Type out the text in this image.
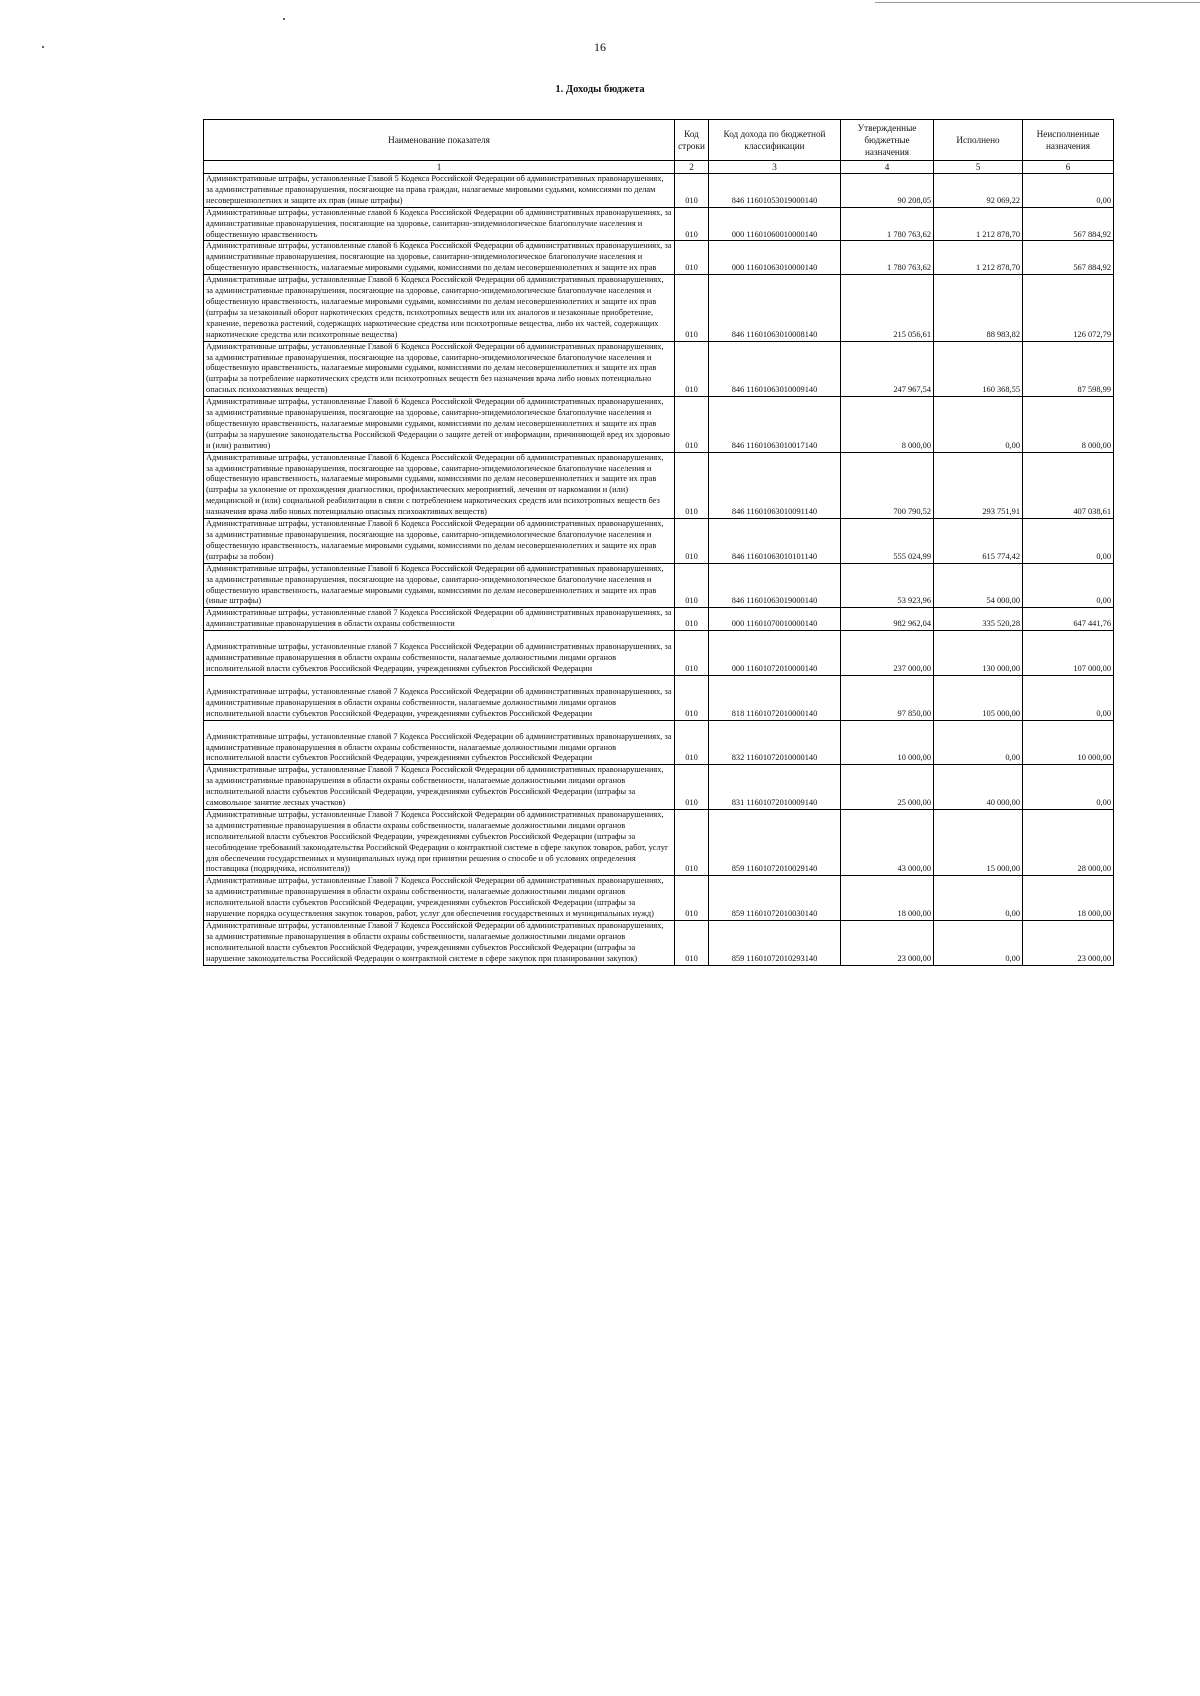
16
1. Доходы бюджета
Наименование показателя	Код строки	Код дохода по бюджетной классификации	Утвержденные бюджетные назначения	Исполнено	Неисполненные назначения
1	2	3	4	5	6
Административные штрафы, установленные Главой 5 Кодекса Российской Федерации об административных правонарушениях, за административные правонарушения, посягающие на права граждан, налагаемые мировыми судьями, комиссиями по делам несовершеннолетних и защите их прав (иные штрафы)	010	846 11601053019000140	90 208,05	92 069,22	0,00
Административные штрафы, установленные главой 6 Кодекса Российской Федерации об административных правонарушениях, за административные правонарушения, посягающие на здоровье, санитарно-эпидемиологическое благополучие населения и общественную нравственность	010	000 11601060010000140	1 780 763,62	1 212 878,70	567 884,92
Административные штрафы, установленные главой 6 Кодекса Российской Федерации об административных правонарушениях, за административные правонарушения, посягающие на здоровье, санитарно-эпидемиологическое благополучие населения и общественную нравственность, налагаемые мировыми судьями, комиссиями по делам несовершеннолетних и защите их прав	010	000 11601063010000140	1 780 763,62	1 212 878,70	567 884,92
Административные штрафы, установленные Главой 6 Кодекса Российской Федерации об административных правонарушениях, за административные правонарушения, посягающие на здоровье, санитарно-эпидемиологическое благополучие населения и общественную нравственность, налагаемые мировыми судьями, комиссиями по делам несовершеннолетних и защите их прав (штрафы за незаконный оборот наркотических средств, психотропных веществ или их аналогов и незаконные приобретение, хранение, перевозка растений, содержащих наркотические средства или психотропные вещества, либо их частей, содержащих наркотические средства или психотропные вещества)	010	846 11601063010008140	215 056,61	88 983,82	126 072,79
Административные штрафы, установленные Главой 6 Кодекса Российской Федерации об административных правонарушениях, за административные правонарушения, посягающие на здоровье, санитарно-эпидемиологическое благополучие населения и общественную нравственность, налагаемые мировыми судьями, комиссиями по делам несовершеннолетних и защите их прав (штрафы за потребление наркотических средств или психотропных веществ без назначения врача либо новых потенциально опасных психоактивных веществ)	010	846 11601063010009140	247 967,54	160 368,55	87 598,99
Административные штрафы, установленные Главой 6 Кодекса Российской Федерации об административных правонарушениях, за административные правонарушения, посягающие на здоровье, санитарно-эпидемиологическое благополучие населения и общественную нравственность, налагаемые мировыми судьями, комиссиями по делам несовершеннолетних и защите их прав (штрафы за нарушение законодательства Российской Федерации о защите детей от информации, причиняющей вред их здоровью и (или) развитию)	010	846 11601063010017140	8 000,00	0,00	8 000,00
Административные штрафы, установленные Главой 6 Кодекса Российской Федерации об административных правонарушениях, за административные правонарушения, посягающие на здоровье, санитарно-эпидемиологическое благополучие населения и общественную нравственность, налагаемые мировыми судьями, комиссиями по делам несовершеннолетних и защите их прав (штрафы за уклонение от прохождения диагностики, профилактических мероприятий, лечения от наркомании и (или) медицинской и (или) социальной реабилитации в связи с потреблением наркотических средств или психотропных веществ без назначения врача либо новых потенциально опасных психоактивных веществ)	010	846 11601063010091140	700 790,52	293 751,91	407 038,61
Административные штрафы, установленные Главой 6 Кодекса Российской Федерации об административных правонарушениях, за административные правонарушения, посягающие на здоровье, санитарно-эпидемиологическое благополучие населения и общественную нравственность, налагаемые мировыми судьями, комиссиями по делам несовершеннолетних и защите их прав (штрафы за побои)	010	846 11601063010101140	555 024,99	615 774,42	0,00
Административные штрафы, установленные Главой 6 Кодекса Российской Федерации об административных правонарушениях, за административные правонарушения, посягающие на здоровье, санитарно-эпидемиологическое благополучие населения и общественную нравственность, налагаемые мировыми судьями, комиссиями по делам несовершеннолетних и защите их прав (иные штрафы)	010	846 11601063019000140	53 923,96	54 000,00	0,00
Административные штрафы, установленные главой 7 Кодекса Российской Федерации об административных правонарушениях, за административные правонарушения в области охраны собственности	010	000 11601070010000140	982 962,04	335 520,28	647 441,76

Административные штрафы, установленные главой 7 Кодекса Российской Федерации об административных правонарушениях, за административные правонарушения в области охраны собственности, налагаемые должностными лицами органов исполнительной власти субъектов Российской Федерации, учреждениями субъектов Российской Федерации	010	000 11601072010000140	237 000,00	130 000,00	107 000,00

Административные штрафы, установленные главой 7 Кодекса Российской Федерации об административных правонарушениях, за административные правонарушения в области охраны собственности, налагаемые должностными лицами органов исполнительной власти субъектов Российской Федерации, учреждениями субъектов Российской Федерации	010	818 11601072010000140	97 850,00	105 000,00	0,00

Административные штрафы, установленные главой 7 Кодекса Российской Федерации об административных правонарушениях, за административные правонарушения в области охраны собственности, налагаемые должностными лицами органов исполнительной власти субъектов Российской Федерации, учреждениями субъектов Российской Федерации	010	832 11601072010000140	10 000,00	0,00	10 000,00
Административные штрафы, установленные Главой 7 Кодекса Российской Федерации об административных правонарушениях, за административные правонарушения в области охраны собственности, налагаемые должностными лицами органов исполнительной власти субъектов Российской Федерации, учреждениями субъектов Российской Федерации (штрафы за самовольное занятие лесных участков)	010	831 11601072010009140	25 000,00	40 000,00	0,00
Административные штрафы, установленные Главой 7 Кодекса Российской Федерации об административных правонарушениях, за административные правонарушения в области охраны собственности, налагаемые должностными лицами органов исполнительной власти субъектов Российской Федерации, учреждениями субъектов Российской Федерации (штрафы за несоблюдение требований законодательства Российской Федерации о контрактной системе в сфере закупок товаров, работ, услуг для обеспечения государственных и муниципальных нужд при принятии решения о способе и об условиях определения поставщика (подрядчика, исполнителя))	010	859 11601072010029140	43 000,00	15 000,00	28 000,00
Административные штрафы, установленные Главой 7 Кодекса Российской Федерации об административных правонарушениях, за административные правонарушения в области охраны собственности, налагаемые должностными лицами органов исполнительной власти субъектов Российской Федерации, учреждениями субъектов Российской Федерации (штрафы за нарушение порядка осуществления закупок товаров, работ, услуг для обеспечения государственных и муниципальных нужд)	010	859 11601072010030140	18 000,00	0,00	18 000,00
Административные штрафы, установленные Главой 7 Кодекса Российской Федерации об административных правонарушениях, за административные правонарушения в области охраны собственности, налагаемые должностными лицами органов исполнительной власти субъектов Российской Федерации, учреждениями субъектов Российской Федерации (штрафы за нарушение законодательства Российской Федерации о контрактной системе в сфере закупок при планировании закупок)	010	859 11601072010293140	23 000,00	0,00	23 000,00
